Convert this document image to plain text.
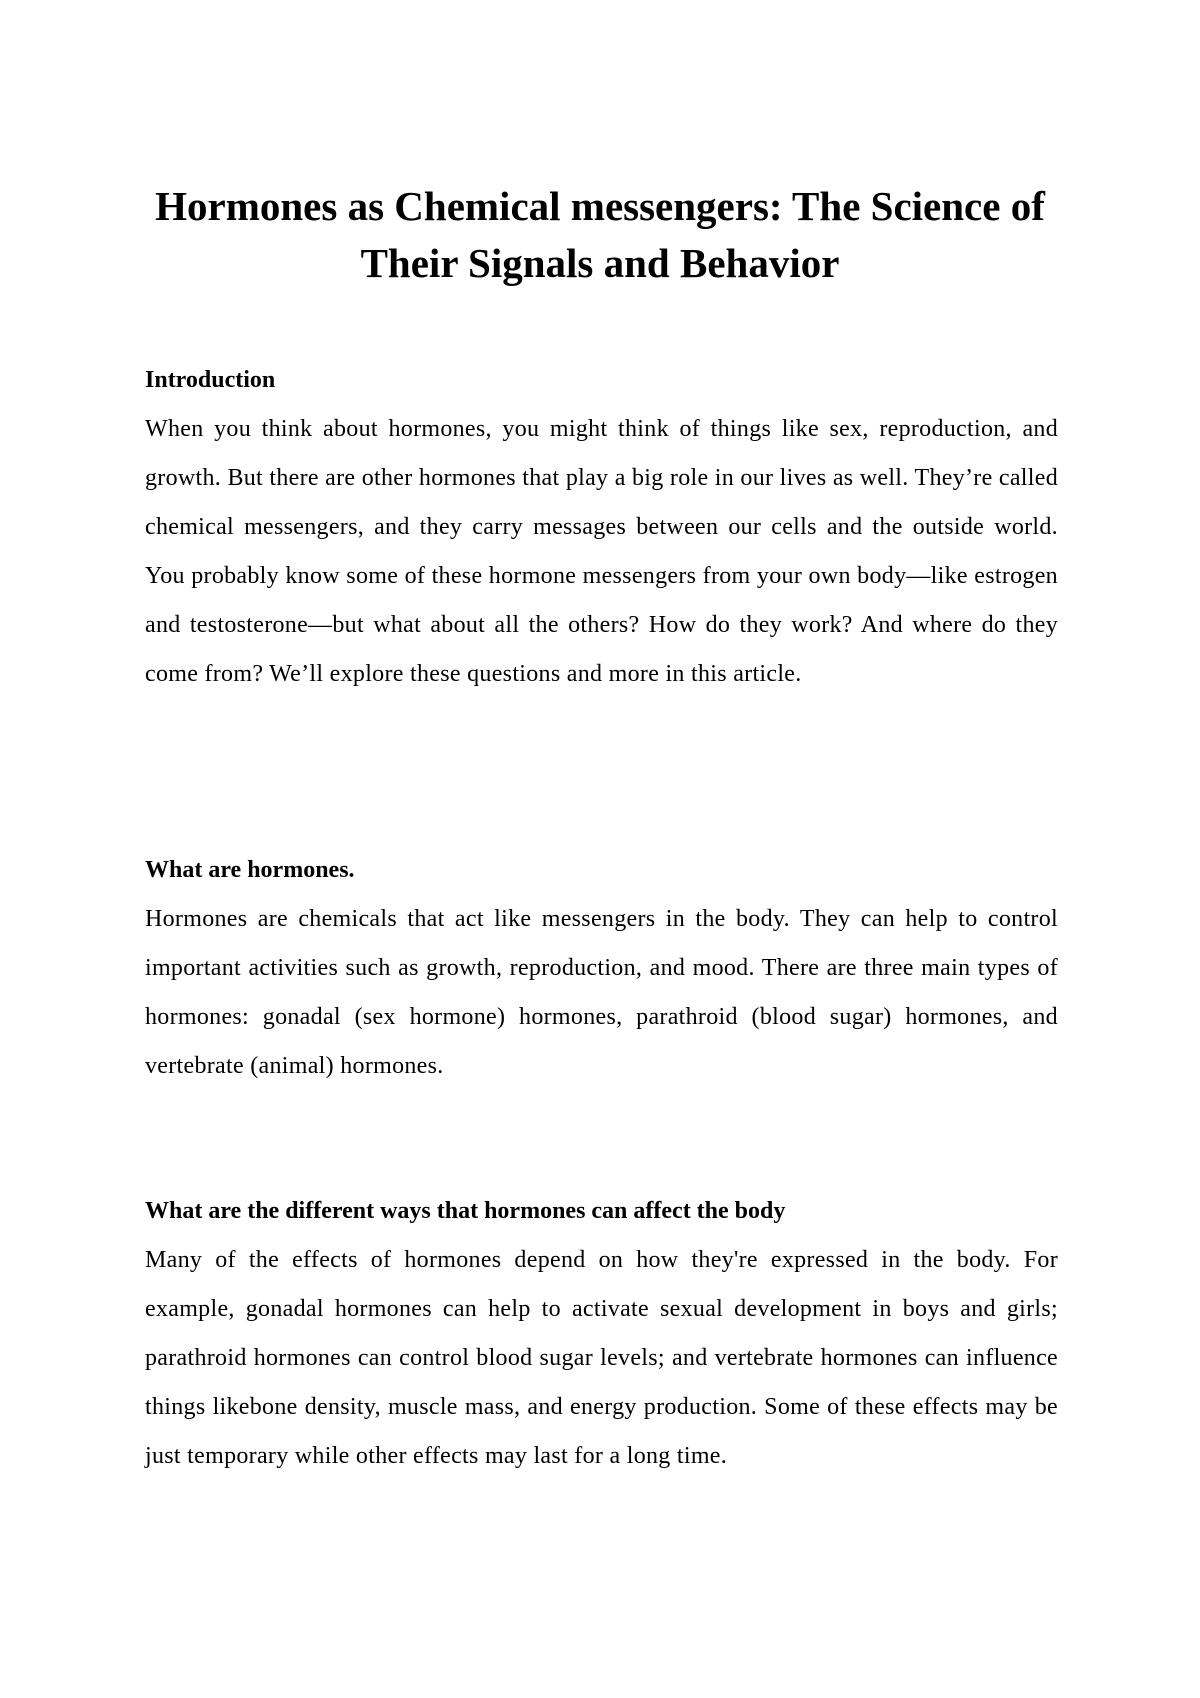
Hormones as Chemical messengers: The Science of Their Signals and Behavior
Introduction

When you think about hormones, you might think of things like sex, reproduction, and growth. But there are other hormones that play a big role in our lives as well. They’re called chemical messengers, and they carry messages between our cells and the outside world. You probably know some of these hormone messengers from your own body—like estrogen and testosterone—but what about all the others? How do they work? And where do they come from? We’ll explore these questions and more in this article.

What are hormones.

Hormones are chemicals that act like messengers in the body. They can help to control important activities such as growth, reproduction, and mood. There are three main types of hormones: gonadal (sex hormone) hormones, parathroid (blood sugar) hormones, and vertebrate (animal) hormones.

What are the different ways that hormones can affect the body

Many of the effects of hormones depend on how they're expressed in the body. For example, gonadal hormones can help to activate sexual development in boys and girls; parathroid hormones can control blood sugar levels; and vertebrate hormones can influence things likebone density, muscle mass, and energy production. Some of these effects may be just temporary while other effects may last for a long time.
